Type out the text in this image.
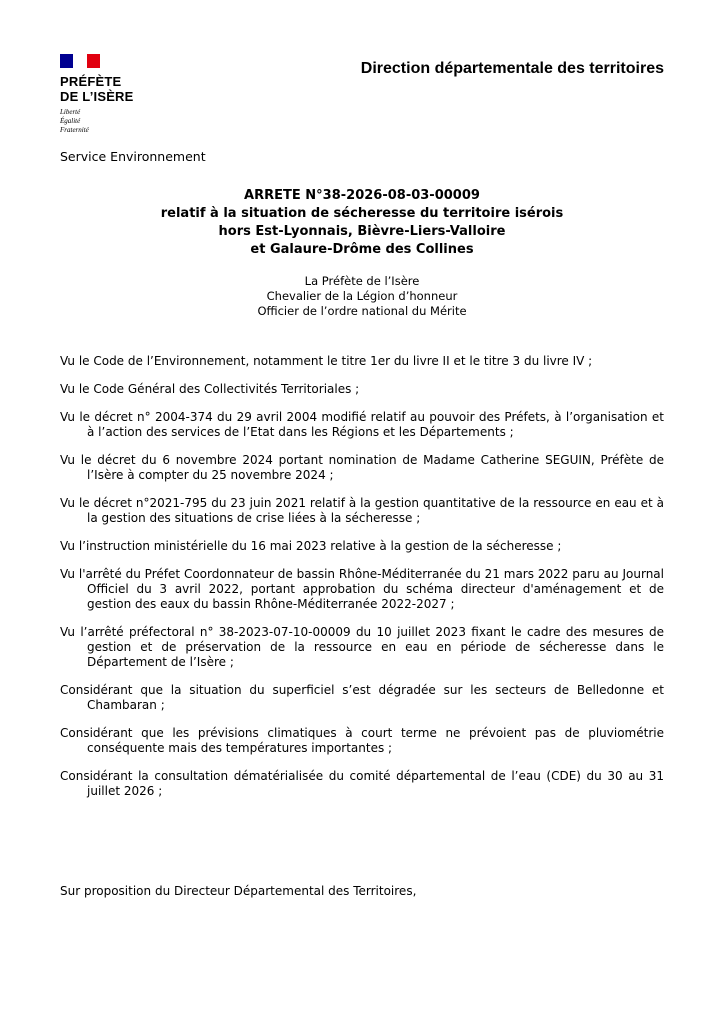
PRÉFÈTE
DE L’ISÈRE
Liberté
Égalité
Fraternité
Direction départementale des territoires
Service Environnement
ARRETE N°38-2026-08-03-00009
relatif à la situation de sécheresse du territoire isérois
hors Est-Lyonnais, Bièvre-Liers-Valloire
et Galaure-Drôme des Collines
La Préfète de l’Isère
Chevalier de la Légion d’honneur
Officier de l’ordre national du Mérite

Vu le Code de l’Environnement, notamment le titre 1er du livre II et le titre 3 du livre IV ;

Vu le Code Général des Collectivités Territoriales ;

Vu le décret n° 2004-374 du 29 avril 2004 modifié relatif au pouvoir des Préfets, à l’organisation et à l’action des services de l’Etat dans les Régions et les Départements ;

Vu le décret du 6 novembre 2024 portant nomination de Madame Catherine SEGUIN, Préfète de l’Isère à compter du 25 novembre 2024 ;

Vu le décret n°2021-795 du 23 juin 2021 relatif à la gestion quantitative de la ressource en eau et à la gestion des situations de crise liées à la sécheresse ;

Vu l’instruction ministérielle du 16 mai 2023 relative à la gestion de la sécheresse ;

Vu l'arrêté du Préfet Coordonnateur de bassin Rhône-Méditerranée du 21 mars 2022 paru au Journal Officiel du 3 avril 2022, portant approbation du schéma directeur d'aménagement et de gestion des eaux du bassin Rhône-Méditerranée 2022-2027 ;

Vu l’arrêté préfectoral n° 38-2023-07-10-00009 du 10 juillet 2023 fixant le cadre des mesures de gestion et de préservation de la ressource en eau en période de sécheresse dans le Département de l’Isère ;

Considérant que la situation du superficiel s’est dégradée sur les secteurs de Belledonne et Chambaran ;

Considérant que les prévisions climatiques à court terme ne prévoient pas de pluviométrie conséquente mais des températures importantes ;

Considérant la consultation dématérialisée du comité départemental de l’eau (CDE) du 30 au 31 juillet 2026 ;

Sur proposition du Directeur Départemental des Territoires,
